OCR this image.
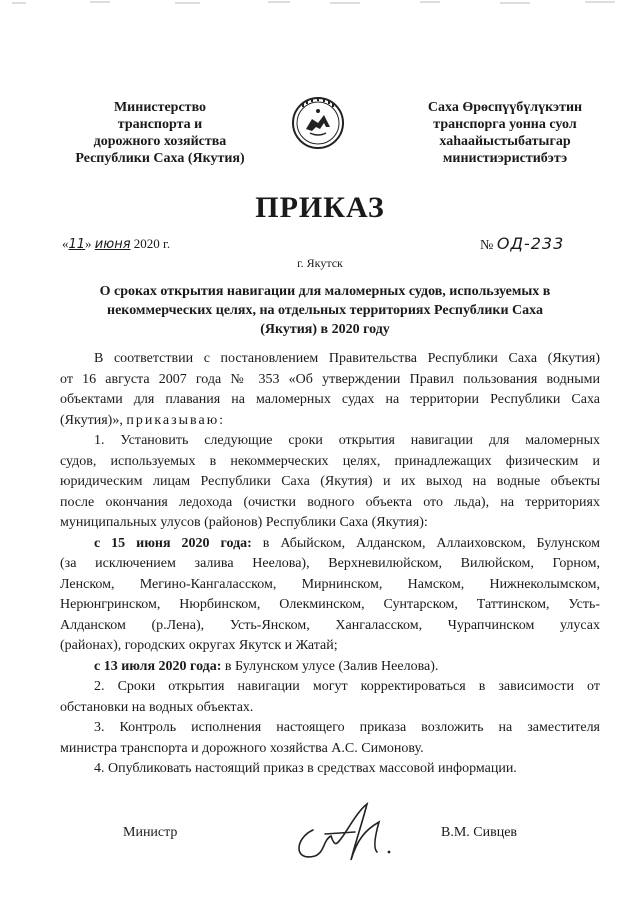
Министерство
транспорта и
дорожного хозяйства
Республики Саха (Якутия)
Саха Өрөспүүбүлүкэтин
транспорга уонна суол
хаhаайыстыбатыгар
министиэристибэтэ
ПРИКАЗ
«11» июня 2020 г.	№ ОД-233
г. Якутск
О сроках открытия навигации для маломерных судов, используемых в
некоммерческих целях, на отдельных территориях Республики Саха
(Якутия) в 2020 году
В соответствии с постановлением Правительства Республики Саха (Якутия)
от 16 августа 2007 года № 353 «Об утверждении Правил пользования водными
объектами для плавания на маломерных судах на территории Республики Саха
(Якутия)», приказываю:
1. Установить следующие сроки открытия навигации для маломерных
судов, используемых в некоммерческих целях, принадлежащих физическим и
юридическим лицам Республики Саха (Якутия) и их выход на водные объекты
после окончания ледохода (очистки водного объекта ото льда), на территориях
муниципальных улусов (районов) Республики Саха (Якутия):
с 15 июня 2020 года: в Абыйском, Алданском, Аллаиховском, Булунском
(за исключением залива Неелова), Верхневилюйском, Вилюйском, Горном,
Ленском, Мегино-Кангаласском, Мирнинском, Намском, Нижнеколымском,
Нерюнгринском, Нюрбинском, Олекминском, Сунтарском, Таттинском, Усть-
Алданском (р.Лена), Усть-Янском, Хангаласском, Чурапчинском улусах
(районах), городских округах Якутск и Жатай;
с 13 июля 2020 года: в Булунском улусе (Залив Неелова).
2. Сроки открытия навигации могут корректироваться в зависимости от
обстановки на водных объектах.
3. Контроль исполнения настоящего приказа возложить на заместителя
министра транспорта и дорожного хозяйства А.С. Симонову.
4. Опубликовать настоящий приказ в средствах массовой информации.
Министр	В.М. Сивцев
